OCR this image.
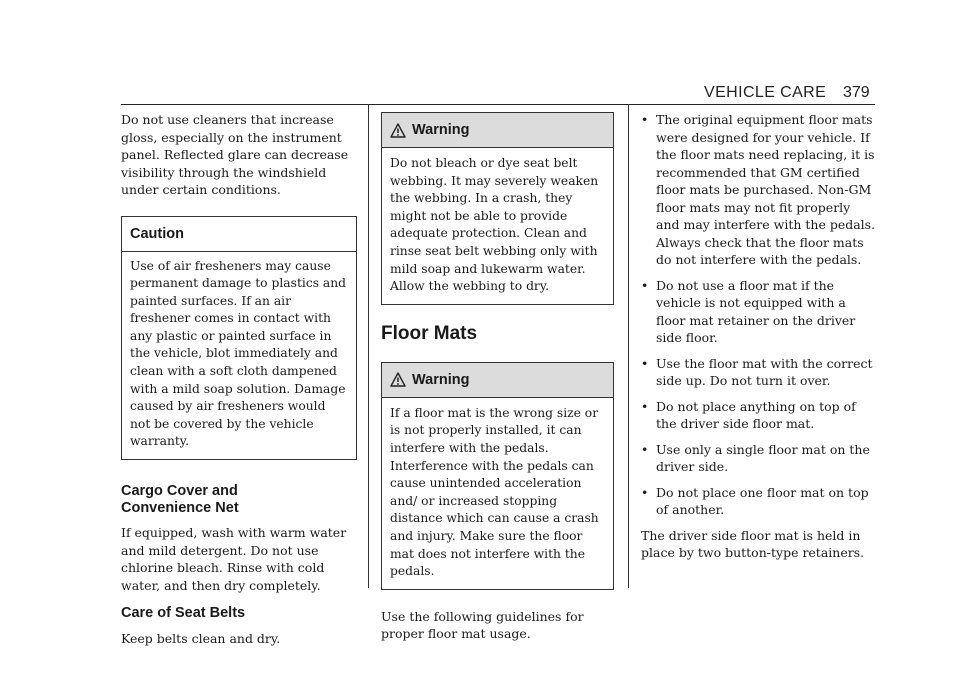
VEHICLE CARE 379

Do not use cleaners that increase gloss, especially on the instrument panel. Reflected glare can decrease visibility through the windshield under certain conditions.

Caution

Use of air fresheners may cause permanent damage to plastics and painted surfaces. If an air freshener comes in contact with any plastic or painted surface in the vehicle, blot immediately and clean with a soft cloth dampened with a mild soap solution. Damage caused by air fresheners would not be covered by the vehicle warranty.

Cargo Cover and
Convenience Net

If equipped, wash with warm water and mild detergent. Do not use chlorine bleach. Rinse with cold water, and then dry completely.

Care of Seat Belts

Keep belts clean and dry.

Warning

Do not bleach or dye seat belt webbing. It may severely weaken the webbing. In a crash, they might not be able to provide adequate protection. Clean and rinse seat belt webbing only with mild soap and lukewarm water. Allow the webbing to dry.

Floor Mats
Warning

If a floor mat is the wrong size or is not properly installed, it can interfere with the pedals. Interference with the pedals can cause unintended acceleration and/ or increased stopping distance which can cause a crash and injury. Make sure the floor mat does not interfere with the pedals.

Use the following guidelines for proper floor mat usage.

• The original equipment floor mats were designed for your vehicle. If the floor mats need replacing, it is recommended that GM certified floor mats be purchased. Non-GM floor mats may not fit properly and may interfere with the pedals. Always check that the floor mats do not interfere with the pedals.
• Do not use a floor mat if the vehicle is not equipped with a floor mat retainer on the driver side floor.
• Use the floor mat with the correct side up. Do not turn it over.
• Do not place anything on top of the driver side floor mat.
• Use only a single floor mat on the driver side.
• Do not place one floor mat on top of another.

The driver side floor mat is held in place by two button-type retainers.
